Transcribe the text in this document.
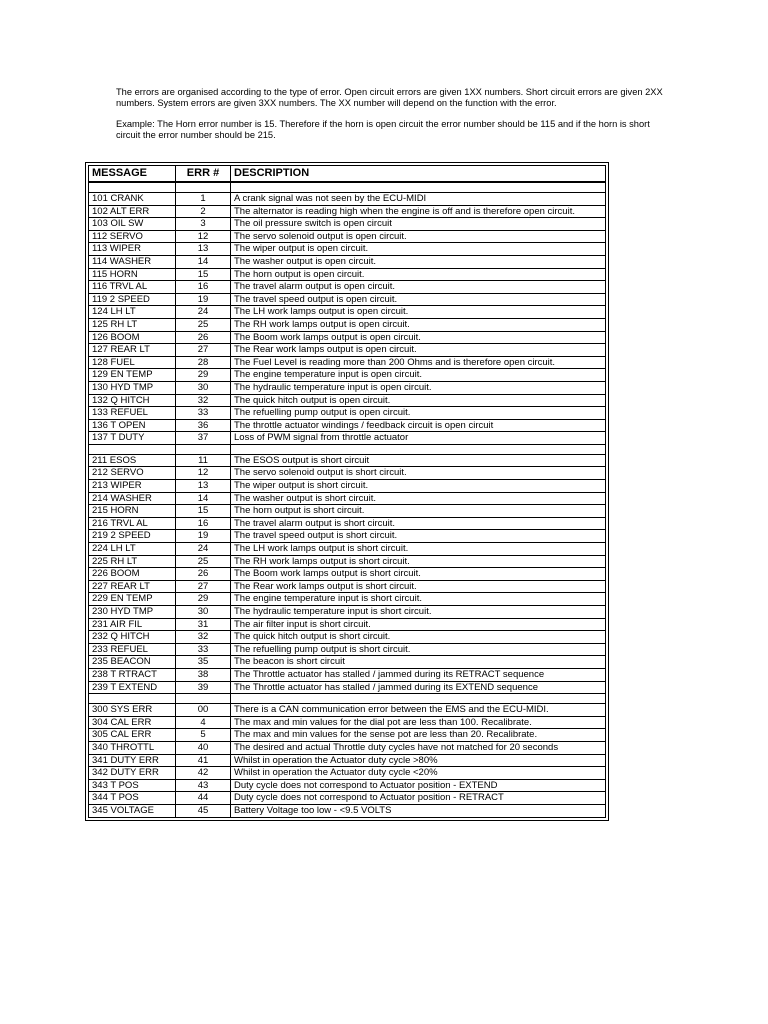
The errors are organised according to the type of error. Open circuit errors are given 1XX numbers. Short circuit errors are given 2XX numbers. System errors are given 3XX numbers. The XX number will depend on the function with the error.

Example: The Horn error number is 15. Therefore if the horn is open circuit the error number should be 115 and if the horn is short circuit the error number should be 215.

MESSAGE	ERR #	DESCRIPTION

101 CRANK	1	A crank signal was not seen by the ECU-MIDI
102 ALT ERR	2	The alternator is reading high when the engine is off and is therefore open circuit.
103 OIL SW	3	The oil pressure switch is open circuit
112 SERVO	12	The servo solenoid output is open circuit.
113 WIPER	13	The wiper output is open circuit.
114 WASHER	14	The washer output is open circuit.
115 HORN	15	The horn output is open circuit.
116 TRVL AL	16	The travel alarm output is open circuit.
119 2 SPEED	19	The travel speed output is open circuit.
124 LH LT	24	The LH work lamps output is open circuit.
125 RH LT	25	The RH work lamps output is open circuit.
126 BOOM	26	The Boom work lamps output is open circuit.
127 REAR LT	27	The Rear work lamps output is open circuit.
128 FUEL	28	The Fuel Level is reading more than 200 Ohms and is therefore open circuit.
129 EN TEMP	29	The engine temperature input is open circuit.
130 HYD TMP	30	The hydraulic temperature input is open circuit.
132 Q HITCH	32	The quick hitch output is open circuit.
133 REFUEL	33	The refuelling pump output is open circuit.
136 T OPEN	36	The throttle actuator windings / feedback circuit is open circuit
137 T DUTY	37	Loss of PWM signal from throttle actuator

211 ESOS	11	The ESOS output is short circuit
212 SERVO	12	The servo solenoid output is short circuit.
213 WIPER	13	The wiper output is short circuit.
214 WASHER	14	The washer output is short circuit.
215 HORN	15	The horn output is short circuit.
216 TRVL AL	16	The travel alarm output is short circuit.
219 2 SPEED	19	The travel speed output is short circuit.
224 LH LT	24	The LH work lamps output is short circuit.
225 RH LT	25	The RH work lamps output is short circuit.
226 BOOM	26	The Boom work lamps output is short circuit.
227 REAR LT	27	The Rear work lamps output is short circuit.
229 EN TEMP	29	The engine temperature input is short circuit.
230 HYD TMP	30	The hydraulic temperature input is short circuit.
231 AIR FIL	31	The air filter input is short circuit.
232 Q HITCH	32	The quick hitch output is short circuit.
233 REFUEL	33	The refuelling pump output is short circuit.
235 BEACON	35	The beacon is short circuit
238 T RTRACT	38	The Throttle actuator has stalled / jammed during its RETRACT sequence
239 T EXTEND	39	The Throttle actuator has stalled / jammed during its EXTEND sequence

300 SYS ERR	00	There is a CAN communication error between the EMS and the ECU-MIDI.
304 CAL ERR	4	The max and min values for the dial pot are less than 100. Recalibrate.
305 CAL ERR	5	The max and min values for the sense pot are less than 20. Recalibrate.
340 THROTTL	40	The desired and actual Throttle duty cycles have not matched for 20 seconds
341 DUTY ERR	41	Whilst in operation the Actuator duty cycle >80%
342 DUTY ERR	42	Whilst in operation the Actuator duty cycle <20%
343 T POS	43	Duty cycle does not correspond to Actuator position - EXTEND
344 T POS	44	Duty cycle does not correspond to Actuator position - RETRACT
345 VOLTAGE	45	Battery Voltage too low - <9.5 VOLTS
